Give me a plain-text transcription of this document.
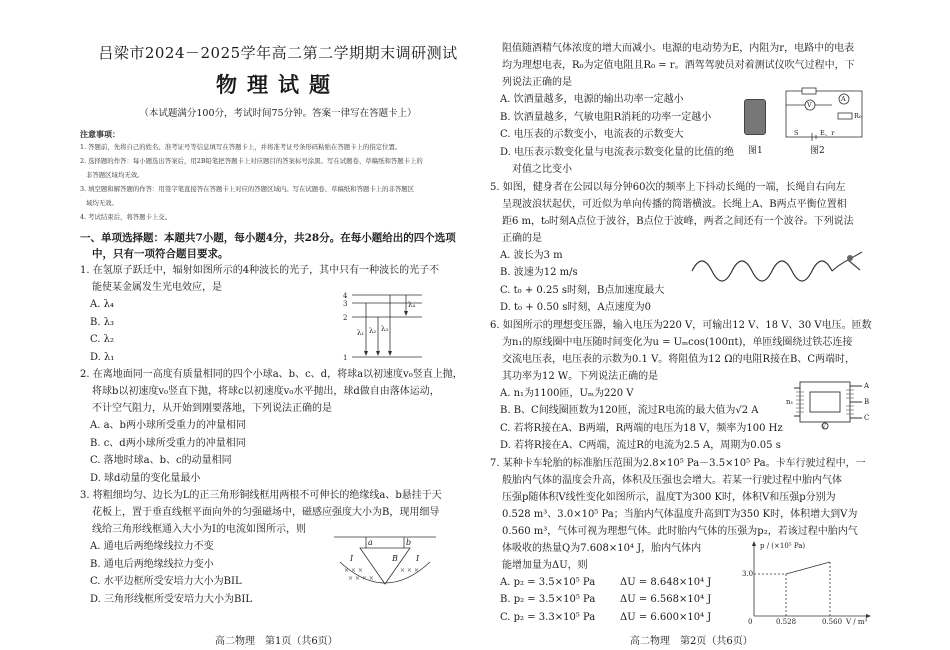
吕梁市2024－2025学年高二第二学期期末调研测试
物理试题
（本试题满分100分，考试时间75分钟。答案一律写在答题卡上）
注意事项：

1. 答题前，先将自己的姓名、准考证号等信息填写在答题卡上，并将准考证号条形码粘贴在答题卡上的指定位置。

2. 选择题的作答：每小题选出答案后，用2B铅笔把答题卡上对应题目的答案标号涂黑。写在试题卷、草稿纸和答题卡上的

非答题区域均无效。

3. 填空题和解答题的作答：用签字笔直接答在答题卡上对应的答题区域内。写在试题卷、草稿纸和答题卡上的非答题区

域均无效。

4. 考试结束后，将答题卡上交。

一、单项选择题：本题共7小题，每小题4分，共28分。在每小题给出的四个选项
中，只有一项符合题目要求。
1. 在氢原子跃迁中，辐射如图所示的4种波长的光子，其中只有一种波长的光子不
能使某金属发生光电效应，是
A. λ₄
B. λ₃
C. λ₂
D. λ₁
4
3
2
1
λ₄
λ₁ λ₂ λ₃
2. 在离地面同一高度有质量相同的四个小球a、b、c、d，将球a以初速度v₀竖直上抛，
将球b以初速度v₀竖直下抛，将球c以初速度v₀水平抛出，球d做自由落体运动，
不计空气阻力，从开始到刚要落地，下列说法正确的是
A. a、b两小球所受重力的冲量相同
B. c、d两小球所受重力的冲量相同
C. 落地时球a、b、c的动量相同
D. 球d动量的变化量最小
3. 将粗细均匀、边长为L的正三角形铜线框用两根不可伸长的绝缘线a、b悬挂于天
花板上，置于垂直线框平面向外的匀强磁场中，磁感应强度大小为B，现用细导
线给三角形线框通入大小为I的电流如图所示，则
A. 通电后两绝缘线拉力不变
B. 通电后两绝缘线拉力变小
C. 水平边框所受安培力大小为BIL
D. 三角形线框所受安培力大小为BIL
× × ×
× × × ×
× × ×
a	b
I	B I
阻值随酒精气体浓度的增大而减小。电源的电动势为E，内阻为r，电路中的电表
均为理想电表，R₀为定值电阻且R₀ = r。酒驾驾驶员对着测试仪吹气过程中，下
列说法正确的是
A. 饮酒量越多，电源的输出功率一定越小
B. 饮酒量越多，气敏电阻R消耗的功率一定越小
C. 电压表的示数变小，电流表的示数变大
D. 电压表示数变化量与电流表示数变化量的比值的绝
对值之比变小
图1
V
A
R₀
S	E、r
图2
5. 如图，健身者在公园以每分钟60次的频率上下抖动长绳的一端，长绳自右向左
呈现波浪状起伏，可近似为单向传播的简谐横波。长绳上A、B两点平衡位置相
距6 m，t₀时刻A点位于波谷，B点位于波峰，两者之间还有一个波谷。下列说法
正确的是
A. 波长为3 m
B. 波速为12 m/s
C. t₀ + 0.25 s时刻，B点加速度最大
D. t₀ + 0.50 s时刻，A点速度为0
6. 如图所示的理想变压器，输入电压为220 V，可输出12 V、18 V、30 V电压。匝数
为n₁的原线圈中电压随时间变化为u = Uₘcos(100πt)，单匝线圈绕过铁芯连接
交流电压表，电压表的示数为0.1 V。将阻值为12 Ω的电阻R接在B、C两端时，
其功率为12 W。下列说法正确的是
A. n₁为1100匝，Uₘ为220 V
B. B、C间线圈匝数为120匝，流过R电流的最大值为√2 A
C. 若将R接在A、B两端，R两端的电压为18 V，频率为100 Hz
D. 若将R接在A、C两端，流过R的电流为2.5 A，周期为0.05 s
A
B
C
n₁
V
7. 某种卡车轮胎的标准胎压范围为2.8×10⁵ Pa－3.5×10⁵ Pa。卡车行驶过程中，一
般胎内气体的温度会升高，体积及压强也会增大。若某一行驶过程中胎内气体
压强p随体积V线性变化如图所示，温度T为300 K时，体积V和压强p分别为
0.528 m³、3.0×10⁵ Pa；当胎内气体温度升高到T为350 K时，体积增大到V为
0.560 m³，气体可视为理想气体。此时胎内气体的压强为p₂，若该过程中胎内气
体吸收的热量Q为7.608×10⁴ J，胎内气体内
能增加量为ΔU，则
A. p₂ = 3.5×10⁵ Pa	ΔU = 8.648×10⁴ J
B. p₂ = 3.5×10⁵ Pa	ΔU = 6.568×10⁴ J
C. p₂ = 3.3×10⁵ Pa	ΔU = 6.600×10⁴ J
p / (×10⁵ Pa)
3.0
0	0.528	0.560 V / m³
高二物理　第1页（共6页）	高二物理　第2页（共6页）
